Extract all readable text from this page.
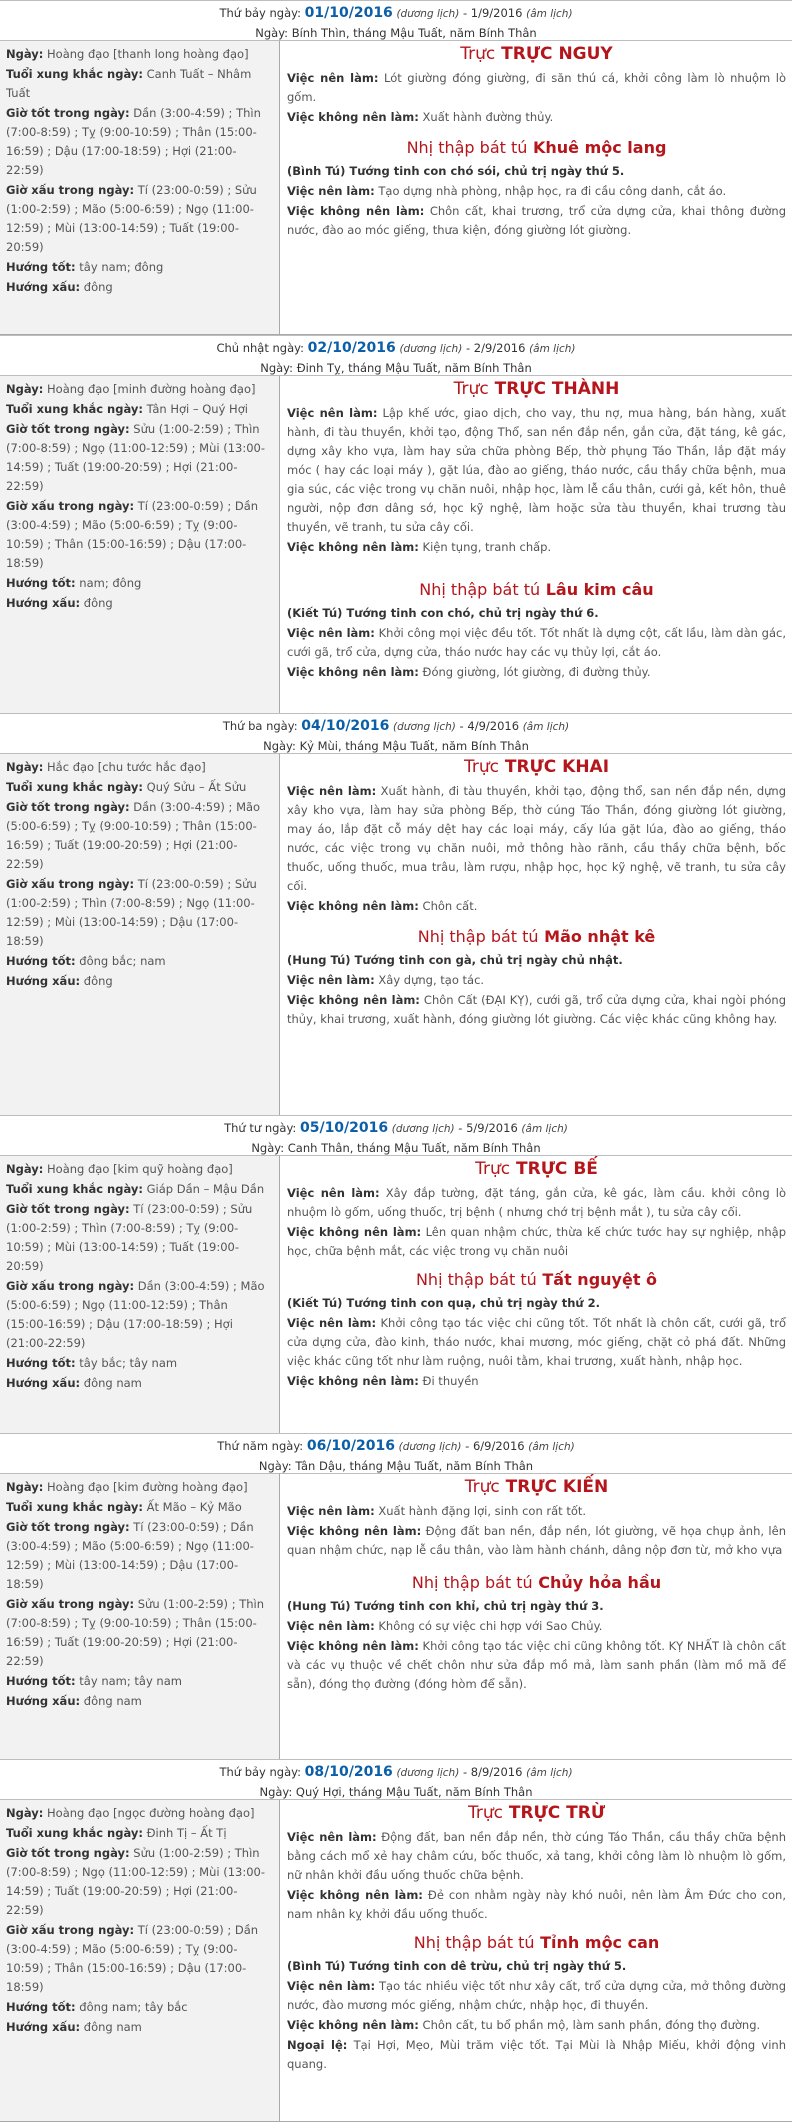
Thứ bảy ngày: 01/10/2016 (dương lịch) - 1/9/2016 (âm lịch)
Ngày: Bính Thìn, tháng Mậu Tuất, năm Bính Thân
Ngày: Hoàng đạo [thanh long hoàng đạo]
Tuổi xung khắc ngày: Canh Tuất – Nhâm Tuất
Giờ tốt trong ngày: Dần (3:00-4:59) ; Thìn (7:00-8:59) ; Tỵ (9:00-10:59) ; Thân (15:00-16:59) ; Dậu (17:00-18:59) ; Hợi (21:00-22:59)
Giờ xấu trong ngày: Tí (23:00-0:59) ; Sửu (1:00-2:59) ; Mão (5:00-6:59) ; Ngọ (11:00-12:59) ; Mùi (13:00-14:59) ; Tuất (19:00-20:59)
Hướng tốt: tây nam; đông
Hướng xấu: đông
Trực TRỰC NGUY
Việc nên làm: Lót giường đóng giường, đi săn thú cá, khởi công làm lò nhuộm lò gốm.
Việc không nên làm: Xuất hành đường thủy.
Nhị thập bát tú Khuê mộc lang
(Bình Tú) Tướng tinh con chó sói, chủ trị ngày thứ 5.
Việc nên làm: Tạo dựng nhà phòng, nhập học, ra đi cầu công danh, cắt áo.
Việc không nên làm: Chôn cất, khai trương, trổ cửa dựng cửa, khai thông đường nước, đào ao móc giếng, thưa kiện, đóng giường lót giường.
Chủ nhật ngày: 02/10/2016 (dương lịch) - 2/9/2016 (âm lịch)
Ngày: Đinh Tỵ, tháng Mậu Tuất, năm Bính Thân
Ngày: Hoàng đạo [minh đường hoàng đạo]
Tuổi xung khắc ngày: Tân Hợi – Quý Hợi
Giờ tốt trong ngày: Sửu (1:00-2:59) ; Thìn (7:00-8:59) ; Ngọ (11:00-12:59) ; Mùi (13:00-14:59) ; Tuất (19:00-20:59) ; Hợi (21:00-22:59)
Giờ xấu trong ngày: Tí (23:00-0:59) ; Dần (3:00-4:59) ; Mão (5:00-6:59) ; Tỵ (9:00-10:59) ; Thân (15:00-16:59) ; Dậu (17:00-18:59)
Hướng tốt: nam; đông
Hướng xấu: đông
Trực TRỰC THÀNH
Việc nên làm: Lập khế ước, giao dịch, cho vay, thu nợ, mua hàng, bán hàng, xuất hành, đi tàu thuyền, khởi tạo, động Thổ, san nền đắp nền, gắn cửa, đặt táng, kê gác, dựng xây kho vựa, làm hay sửa chữa phòng Bếp, thờ phụng Táo Thần, lắp đặt máy móc ( hay các loại máy ), gặt lúa, đào ao giếng, tháo nước, cầu thầy chữa bệnh, mua gia súc, các việc trong vụ chăn nuôi, nhập học, làm lễ cầu thân, cưới gả, kết hôn, thuê người, nộp đơn dâng sớ, học kỹ nghệ, làm hoặc sửa tàu thuyền, khai trương tàu thuyền, vẽ tranh, tu sửa cây cối.
Việc không nên làm: Kiện tụng, tranh chấp.
Nhị thập bát tú Lâu kim câu
(Kiết Tú) Tướng tinh con chó, chủ trị ngày thứ 6.
Việc nên làm: Khởi công mọi việc đều tốt. Tốt nhất là dựng cột, cất lầu, làm dàn gác, cưới gã, trổ cửa, dựng cửa, tháo nước hay các vụ thủy lợi, cắt áo.
Việc không nên làm: Đóng giường, lót giường, đi đường thủy.
Thứ ba ngày: 04/10/2016 (dương lịch) - 4/9/2016 (âm lịch)
Ngày: Kỷ Mùi, tháng Mậu Tuất, năm Bính Thân
Ngày: Hắc đạo [chu tước hắc đạo]
Tuổi xung khắc ngày: Quý Sửu – Ất Sửu
Giờ tốt trong ngày: Dần (3:00-4:59) ; Mão (5:00-6:59) ; Tỵ (9:00-10:59) ; Thân (15:00-16:59) ; Tuất (19:00-20:59) ; Hợi (21:00-22:59)
Giờ xấu trong ngày: Tí (23:00-0:59) ; Sửu (1:00-2:59) ; Thìn (7:00-8:59) ; Ngọ (11:00-12:59) ; Mùi (13:00-14:59) ; Dậu (17:00-18:59)
Hướng tốt: đông bắc; nam
Hướng xấu: đông
Trực TRỰC KHAI
Việc nên làm: Xuất hành, đi tàu thuyền, khởi tạo, động thổ, san nền đắp nền, dựng xây kho vựa, làm hay sửa phòng Bếp, thờ cúng Táo Thần, đóng giường lót giường, may áo, lắp đặt cỗ máy dệt hay các loại máy, cấy lúa gặt lúa, đào ao giếng, tháo nước, các việc trong vụ chăn nuôi, mở thông hào rãnh, cầu thầy chữa bệnh, bốc thuốc, uống thuốc, mua trâu, làm rượu, nhập học, học kỹ nghệ, vẽ tranh, tu sửa cây cối.
Việc không nên làm: Chôn cất.
Nhị thập bát tú Mão nhật kê
(Hung Tú) Tướng tinh con gà, chủ trị ngày chủ nhật.
Việc nên làm: Xây dựng, tạo tác.
Việc không nên làm: Chôn Cất (ĐẠI KỴ), cưới gã, trổ cửa dựng cửa, khai ngòi phóng thủy, khai trương, xuất hành, đóng giường lót giường. Các việc khác cũng không hay.
Thứ tư ngày: 05/10/2016 (dương lịch) - 5/9/2016 (âm lịch)
Ngày: Canh Thân, tháng Mậu Tuất, năm Bính Thân
Ngày: Hoàng đạo [kim quỹ hoàng đạo]
Tuổi xung khắc ngày: Giáp Dần – Mậu Dần
Giờ tốt trong ngày: Tí (23:00-0:59) ; Sửu (1:00-2:59) ; Thìn (7:00-8:59) ; Tỵ (9:00-10:59) ; Mùi (13:00-14:59) ; Tuất (19:00-20:59)
Giờ xấu trong ngày: Dần (3:00-4:59) ; Mão (5:00-6:59) ; Ngọ (11:00-12:59) ; Thân (15:00-16:59) ; Dậu (17:00-18:59) ; Hợi (21:00-22:59)
Hướng tốt: tây bắc; tây nam
Hướng xấu: đông nam
Trực TRỰC BẾ
Việc nên làm: Xây đắp tường, đặt táng, gắn cửa, kê gác, làm cầu. khởi công lò nhuộm lò gốm, uống thuốc, trị bệnh ( nhưng chớ trị bệnh mắt ), tu sửa cây cối.
Việc không nên làm: Lên quan nhậm chức, thừa kế chức tước hay sự nghiệp, nhập học, chữa bệnh mắt, các việc trong vụ chăn nuôi
Nhị thập bát tú Tất nguyệt ô
(Kiết Tú) Tướng tinh con quạ, chủ trị ngày thứ 2.
Việc nên làm: Khởi công tạo tác việc chi cũng tốt. Tốt nhất là chôn cất, cưới gã, trổ cửa dựng cửa, đào kinh, tháo nước, khai mương, móc giếng, chặt cỏ phá đất. Những việc khác cũng tốt như làm ruộng, nuôi tằm, khai trương, xuất hành, nhập học.
Việc không nên làm: Đi thuyền
Thứ năm ngày: 06/10/2016 (dương lịch) - 6/9/2016 (âm lịch)
Ngày: Tân Dậu, tháng Mậu Tuất, năm Bính Thân
Ngày: Hoàng đạo [kim đường hoàng đạo]
Tuổi xung khắc ngày: Ất Mão – Kỷ Mão
Giờ tốt trong ngày: Tí (23:00-0:59) ; Dần (3:00-4:59) ; Mão (5:00-6:59) ; Ngọ (11:00-12:59) ; Mùi (13:00-14:59) ; Dậu (17:00-18:59)
Giờ xấu trong ngày: Sửu (1:00-2:59) ; Thìn (7:00-8:59) ; Tỵ (9:00-10:59) ; Thân (15:00-16:59) ; Tuất (19:00-20:59) ; Hợi (21:00-22:59)
Hướng tốt: tây nam; tây nam
Hướng xấu: đông nam
Trực TRỰC KIẾN
Việc nên làm: Xuất hành đặng lợi, sinh con rất tốt.
Việc không nên làm: Động đất ban nền, đắp nền, lót giường, vẽ họa chụp ảnh, lên quan nhậm chức, nạp lễ cầu thân, vào làm hành chánh, dâng nộp đơn từ, mở kho vựa
Nhị thập bát tú Chủy hỏa hầu
(Hung Tú) Tướng tinh con khỉ, chủ trị ngày thứ 3.
Việc nên làm: Không có sự việc chi hợp với Sao Chủy.
Việc không nên làm: Khởi công tạo tác việc chi cũng không tốt. KỴ NHẤT là chôn cất và các vụ thuộc về chết chôn như sửa đắp mồ mả, làm sanh phần (làm mồ mã để sẵn), đóng thọ đường (đóng hòm để sẵn).
Thứ bảy ngày: 08/10/2016 (dương lịch) - 8/9/2016 (âm lịch)
Ngày: Quý Hợi, tháng Mậu Tuất, năm Bính Thân
Ngày: Hoàng đạo [ngọc đường hoàng đạo]
Tuổi xung khắc ngày: Đinh Tị – Ất Tị
Giờ tốt trong ngày: Sửu (1:00-2:59) ; Thìn (7:00-8:59) ; Ngọ (11:00-12:59) ; Mùi (13:00-14:59) ; Tuất (19:00-20:59) ; Hợi (21:00-22:59)
Giờ xấu trong ngày: Tí (23:00-0:59) ; Dần (3:00-4:59) ; Mão (5:00-6:59) ; Tỵ (9:00-10:59) ; Thân (15:00-16:59) ; Dậu (17:00-18:59)
Hướng tốt: đông nam; tây bắc
Hướng xấu: đông nam
Trực TRỰC TRỪ
Việc nên làm: Động đất, ban nền đắp nền, thờ cúng Táo Thần, cầu thầy chữa bệnh bằng cách mổ xẻ hay châm cứu, bốc thuốc, xả tang, khởi công làm lò nhuộm lò gốm, nữ nhân khởi đầu uống thuốc chữa bệnh.
Việc không nên làm: Đẻ con nhằm ngày này khó nuôi, nên làm Âm Đức cho con, nam nhân kỵ khởi đầu uống thuốc.
Nhị thập bát tú Tỉnh mộc can
(Bình Tú) Tướng tinh con dê trừu, chủ trị ngày thứ 5.
Việc nên làm: Tạo tác nhiều việc tốt như xây cất, trổ cửa dựng cửa, mở thông đường nước, đào mương móc giếng, nhậm chức, nhập học, đi thuyền.
Việc không nên làm: Chôn cất, tu bổ phần mộ, làm sanh phần, đóng thọ đường.
Ngoại lệ: Tại Hợi, Mẹo, Mùi trăm việc tốt. Tại Mùi là Nhập Miếu, khởi động vinh quang.
